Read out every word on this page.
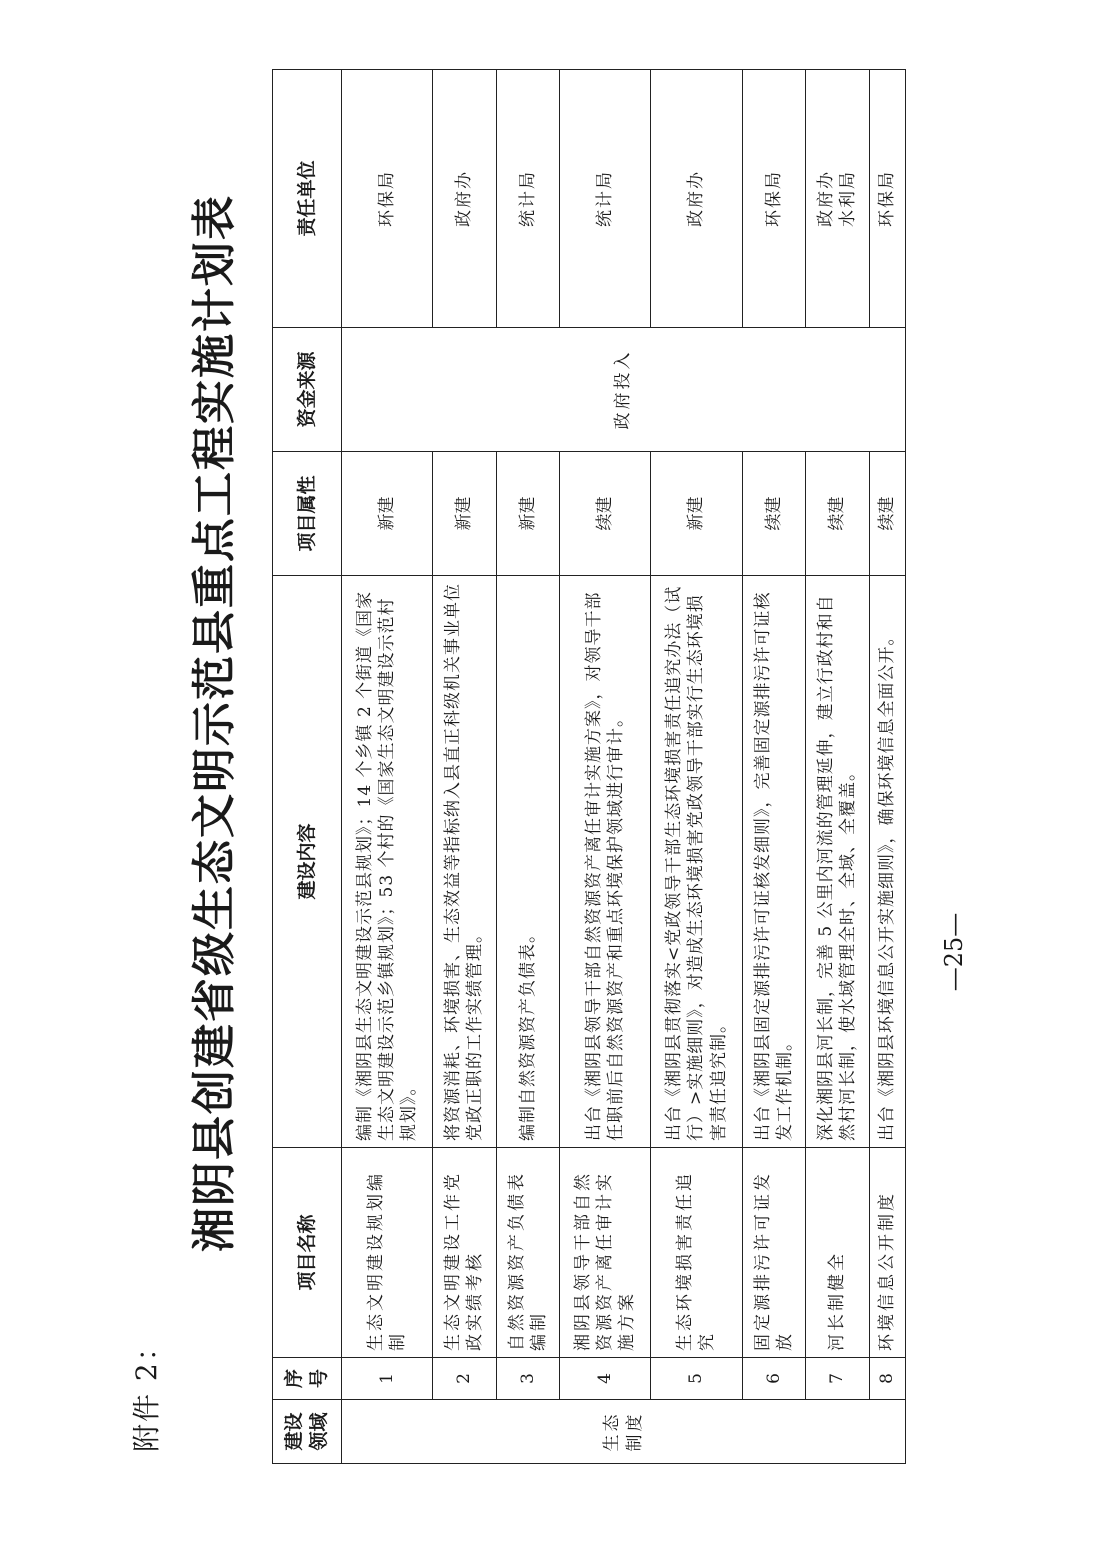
附件 2：
湘阴县创建省级生态文明示范县重点工程实施计划表
建设领域	序号	项目名称	建设内容	项目属性	资金来源	责任单位
生态制度	1	生态文明建设规划编制	编制《湘阴县生态文明建设示范县规划》；14 个乡镇 2 个街道《国家生态文明建设示范乡镇规划》；53 个村的《国家生态文明建设示范村规划》。	新建	政府投入	环保局
	2	生态文明建设工作党政实绩考核	将资源消耗、环境损害、生态效益等指标纳入县直正科级机关事业单位党政正职的工作实绩管理。	新建		政府办
	3	自然资源资产负债表编制	编制自然资源资产负债表。	新建		统计局
	4	湘阴县领导干部自然资源资产离任审计实施方案	出台《湘阴县领导干部自然资源资产离任审计实施方案》，对领导干部任职前后自然资源资产和重点环境保护领域进行审计。	续建		统计局
	5	生态环境损害责任追究	出台《湘阴县贯彻落实<党政领导干部生态环境损害责任追究办法（试行）>实施细则》，对造成生态环境损害党政领导干部实行生态环境损害责任追究制。	新建		政府办
	6	固定源排污许可证发放	出台《湘阴县固定源排污许可证核发细则》，完善固定源排污许可证核发工作机制。	续建		环保局
	7	河长制健全	深化湘阴县河长制，完善 5 公里内河流的管理延伸，建立行政村和自然村河长制，使水域管理全时、全域、全覆盖。	续建		政府办
水利局
	8	环境信息公开制度	出台《湘阴县环境信息公开实施细则》，确保环境信息全面公开。	续建		环保局
—25—
